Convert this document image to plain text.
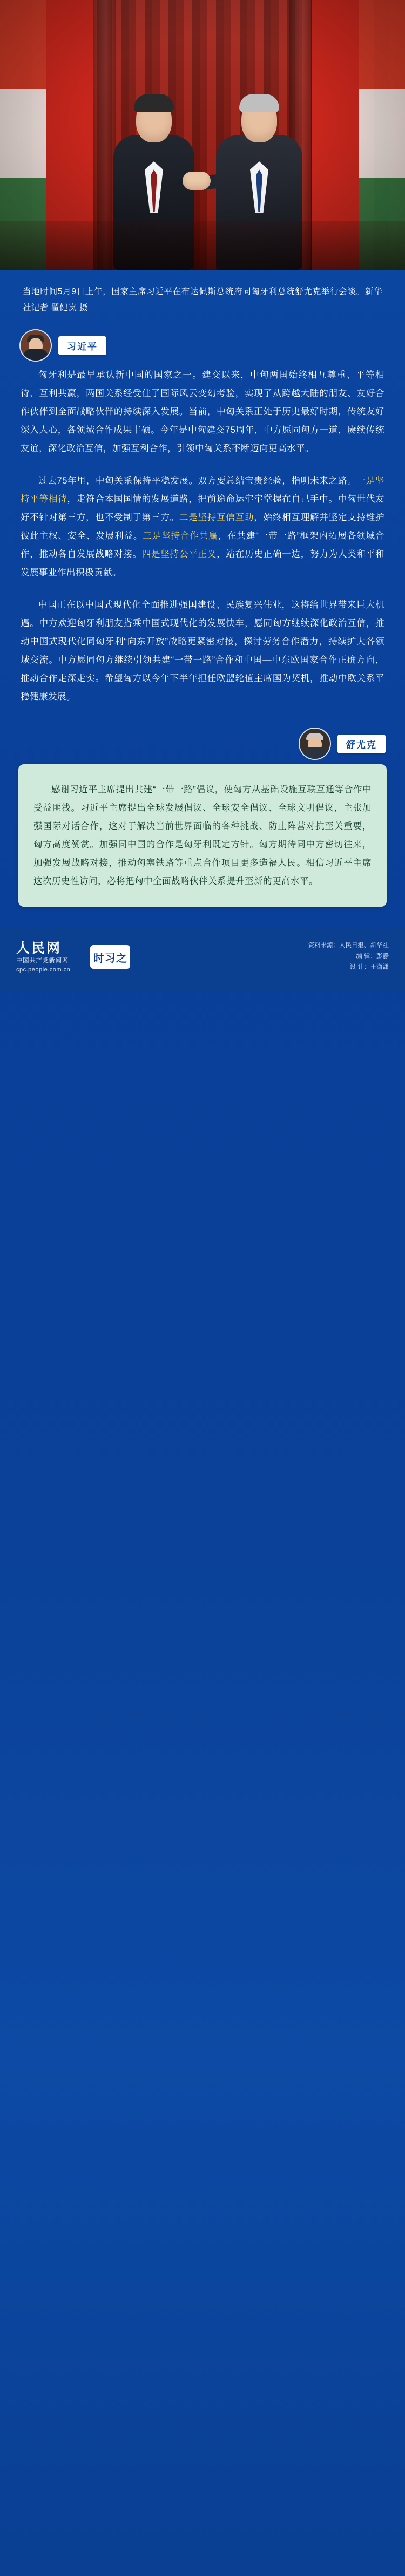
当地时间5月9日上午，国家主席习近平在布达佩斯总统府同匈牙利总统舒尤克举行会谈。新华社记者 翟健岚 摄
习近平

匈牙利是最早承认新中国的国家之一。建交以来，中匈两国始终相互尊重、平等相待、互利共赢，两国关系经受住了国际风云变幻考验，实现了从跨越大陆的朋友、友好合作伙伴到全面战略伙伴的持续深入发展。当前，中匈关系正处于历史最好时期，传统友好深入人心，各领域合作成果丰硕。今年是中匈建交75周年，中方愿同匈方一道，赓续传统友谊，深化政治互信，加强互利合作，引领中匈关系不断迈向更高水平。

过去75年里，中匈关系保持平稳发展。双方要总结宝贵经验，指明未来之路。一是坚持平等相待，走符合本国国情的发展道路，把前途命运牢牢掌握在自己手中。中匈世代友好不针对第三方，也不受制于第三方。二是坚持互信互助，始终相互理解并坚定支持维护彼此主权、安全、发展利益。三是坚持合作共赢，在共建“一带一路”框架内拓展各领域合作，推动各自发展战略对接。四是坚持公平正义，站在历史正确一边，努力为人类和平和发展事业作出积极贡献。

中国正在以中国式现代化全面推进强国建设、民族复兴伟业，这将给世界带来巨大机遇。中方欢迎匈牙利朋友搭乘中国式现代化的发展快车，愿同匈方继续深化政治互信，推动中国式现代化同匈牙利“向东开放”战略更紧密对接，探讨劳务合作潜力，持续扩大各领域交流。中方愿同匈方继续引领共建“一带一路”合作和中国—中东欧国家合作正确方向，推动合作走深走实。希望匈方以今年下半年担任欧盟轮值主席国为契机，推动中欧关系平稳健康发展。

舒尤克

感谢习近平主席提出共建“一带一路”倡议，使匈方从基础设施互联互通等合作中受益匪浅。习近平主席提出全球发展倡议、全球安全倡议、全球文明倡议，主张加强国际对话合作，这对于解决当前世界面临的各种挑战、防止阵营对抗至关重要，匈方高度赞赏。加强同中国的合作是匈牙利既定方针。匈方期待同中方密切往来，加强发展战略对接，推动匈塞铁路等重点合作项目更多造福人民。相信习近平主席这次历史性访问，必将把匈中全面战略伙伴关系提升至新的更高水平。

人民网
中国共产党新闻网
cpc.people.com.cn
时习之
资料来源：人民日报、新华社
编 辑：彭静
设 计：王潇潇
